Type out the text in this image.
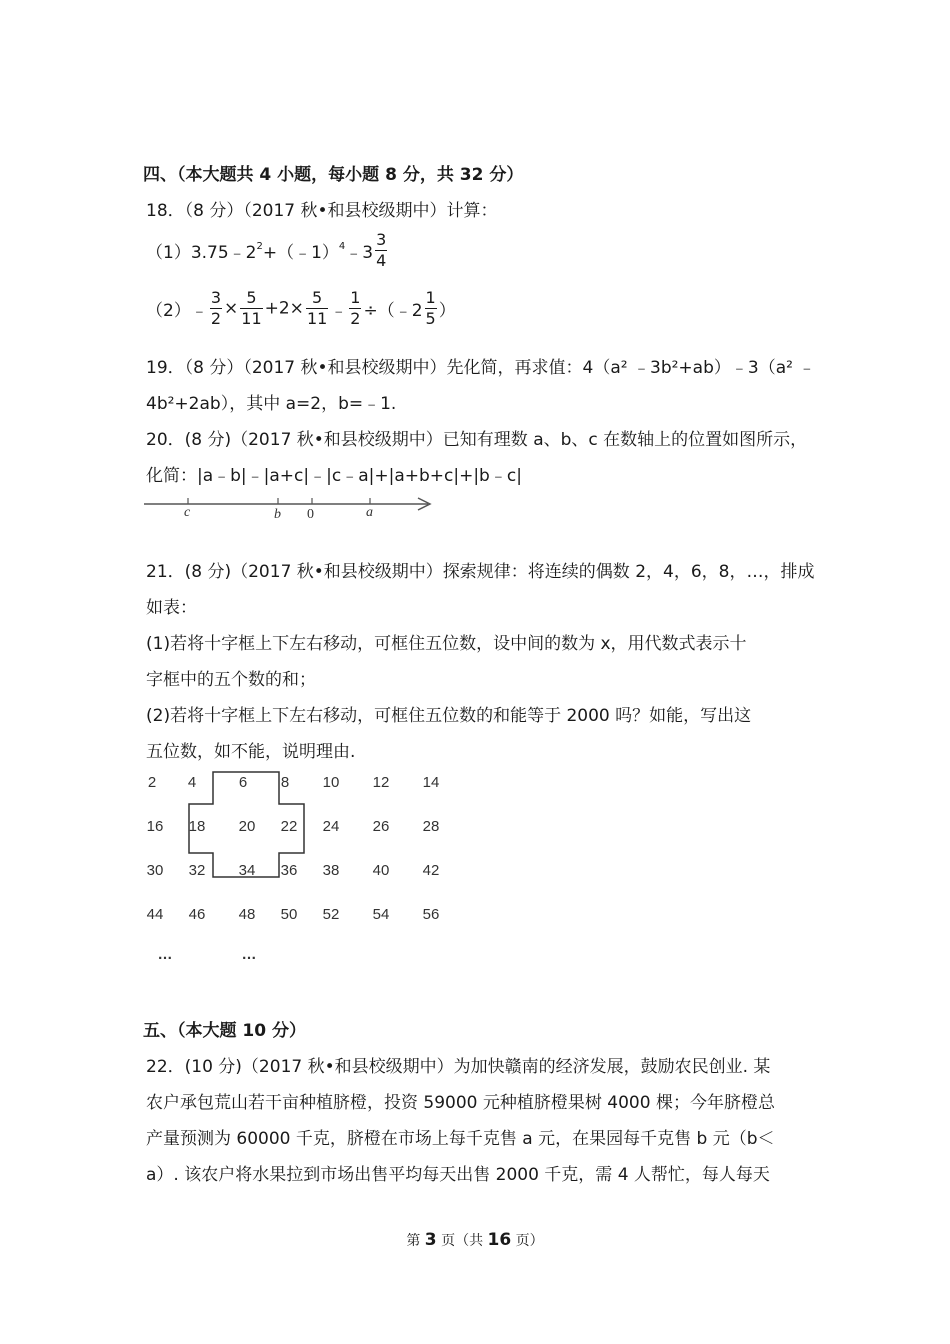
四、（本大题共 4 小题，每小题 8 分，共 32 分）
18．（8 分）（2017 秋•和县校级期中）计算：
$(1)3.75﹣2^2+(﹣1)^4﹣3 \frac{3}{4}$
（2）﹣ $\frac{3}{2} \times \frac{5}{11} +2\times \frac{5}{11}$ ﹣ $\frac{1}{2}$ ÷（﹣2 $\frac{1}{5}$ ）
19．（8 分）（2017 秋•和县校级期中）先化简，再求值：4（a² ﹣3b²+ab）﹣3（a² ﹣
4b²+2ab），其中 a=2，b=﹣1.
20．(8 分)（2017 秋•和县校级期中）已知有理数 a、b、c 在数轴上的位置如图所示，
化简：|a﹣b|﹣|a+c|﹣|c﹣a|+|a+b+c|+|b﹣c|
c	b 0	a
21．(8 分)（2017 秋•和县校级期中）探索规律：将连续的偶数 2，4，6，8，…，排成
如表：
(1)若将十字框上下左右移动，可框住五位数，设中间的数为 x，用代数式表示十
字框中的五个数的和；
(2)若将十字框上下左右移动，可框住五位数的和能等于 2000 吗？如能，写出这
五位数，如不能，说明理由.
2	4	6	8	10	12	14
16	18	20	22	24	26	28
30	32	34	36	38	40	42
44	46	48	50	52	54	56
…	…
五、（本大题 10 分）
22．(10 分)（2017 秋•和县校级期中）为加快赣南的经济发展，鼓励农民创业. 某
农户承包荒山若干亩种植脐橙，投资 59000 元种植脐橙果树 4000 棵；今年脐橙总
产量预测为 60000 千克，脐橙在市场上每千克售 a 元，在果园每千克售 b 元（b＜
a）. 该农户将水果拉到市场出售平均每天出售 2000 千克，需 4 人帮忙，每人每天
第 3 页（共 16 页）
